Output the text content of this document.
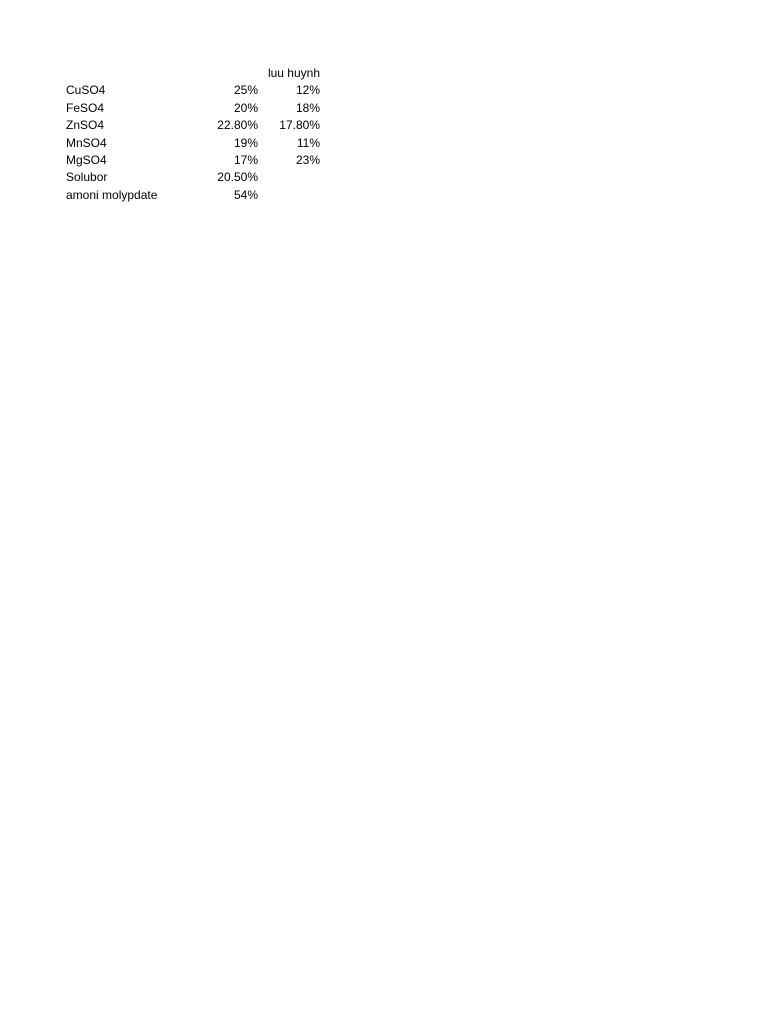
		luu huynh
CuSO4	25%	12%
FeSO4	20%	18%
ZnSO4	22.80%	17.80%
MnSO4	19%	11%
MgSO4	17%	23%
Solubor	20.50%	
amoni molypdate	54%	
